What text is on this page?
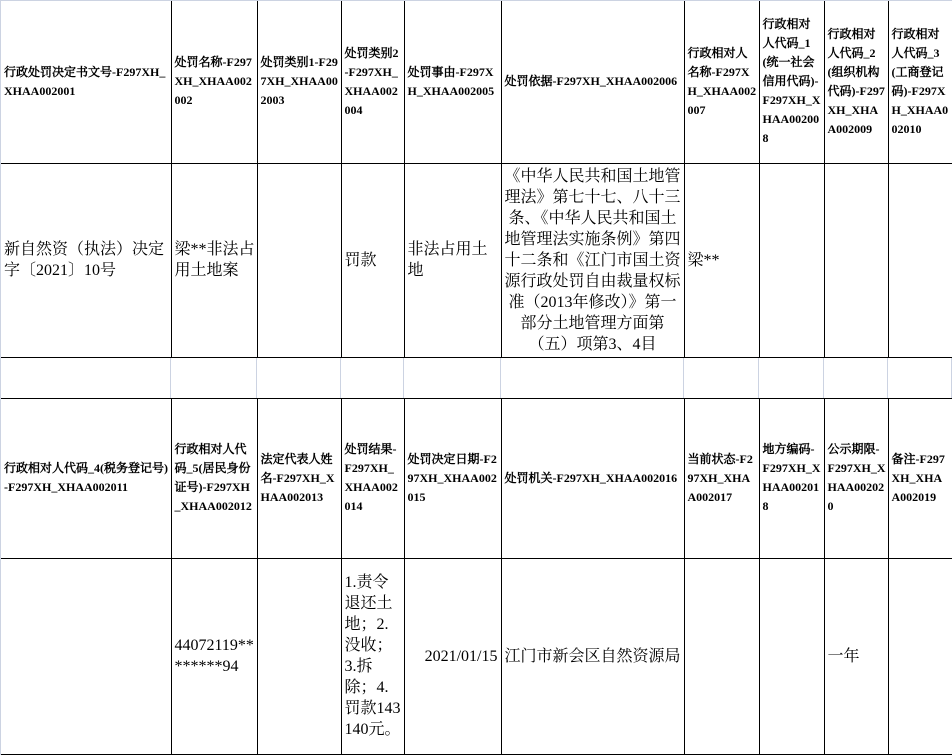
行政处罚决定书文号-F297XH_XHAA002001	处罚名称-F297XH_XHAA002002	处罚类别1-F297XH_XHAA002003	处罚类别2-F297XH_XHAA002004	处罚事由-F297XH_XHAA002005	处罚依据-F297XH_XHAA002006	行政相对人名称-F297XH_XHAA002007	行政相对人代码_1(统一社会信用代码)-F297XH_XHAA002008	行政相对人代码_2(组织机构代码)-F297XH_XHAA002009	行政相对人代码_3(工商登记码)-F297XH_XHAA002010
新自然资（执法）决定字〔2021〕10号	梁**非法占用土地案		罚款	非法占用土地	《中华人民共和国土地管理法》第七十七、八十三条、《中华人民共和国土地管理法实施条例》第四十二条和《江门市国土资源行政处罚自由裁量权标准（2013年修改）》第一部分土地管理方面第（五）项第3、4目	梁**			
行政相对人代码_4(税务登记号)-F297XH_XHAA002011	行政相对人代码_5(居民身份证号)-F297XH_XHAA002012	法定代表人姓名-F297XH_XHAA002013	处罚结果-F297XH_XHAA002014	处罚决定日期-F297XH_XHAA002015	处罚机关-F297XH_XHAA002016	当前状态-F297XH_XHAA002017	地方编码-F297XH_XHAA002018	公示期限-F297XH_XHAA002020	备注-F297XH_XHAA002019
	44072119********94		1.责令退还土地；2.没收；3.拆除；4.罚款143140元。	2021/01/15	江门市新会区自然资源局			一年	
